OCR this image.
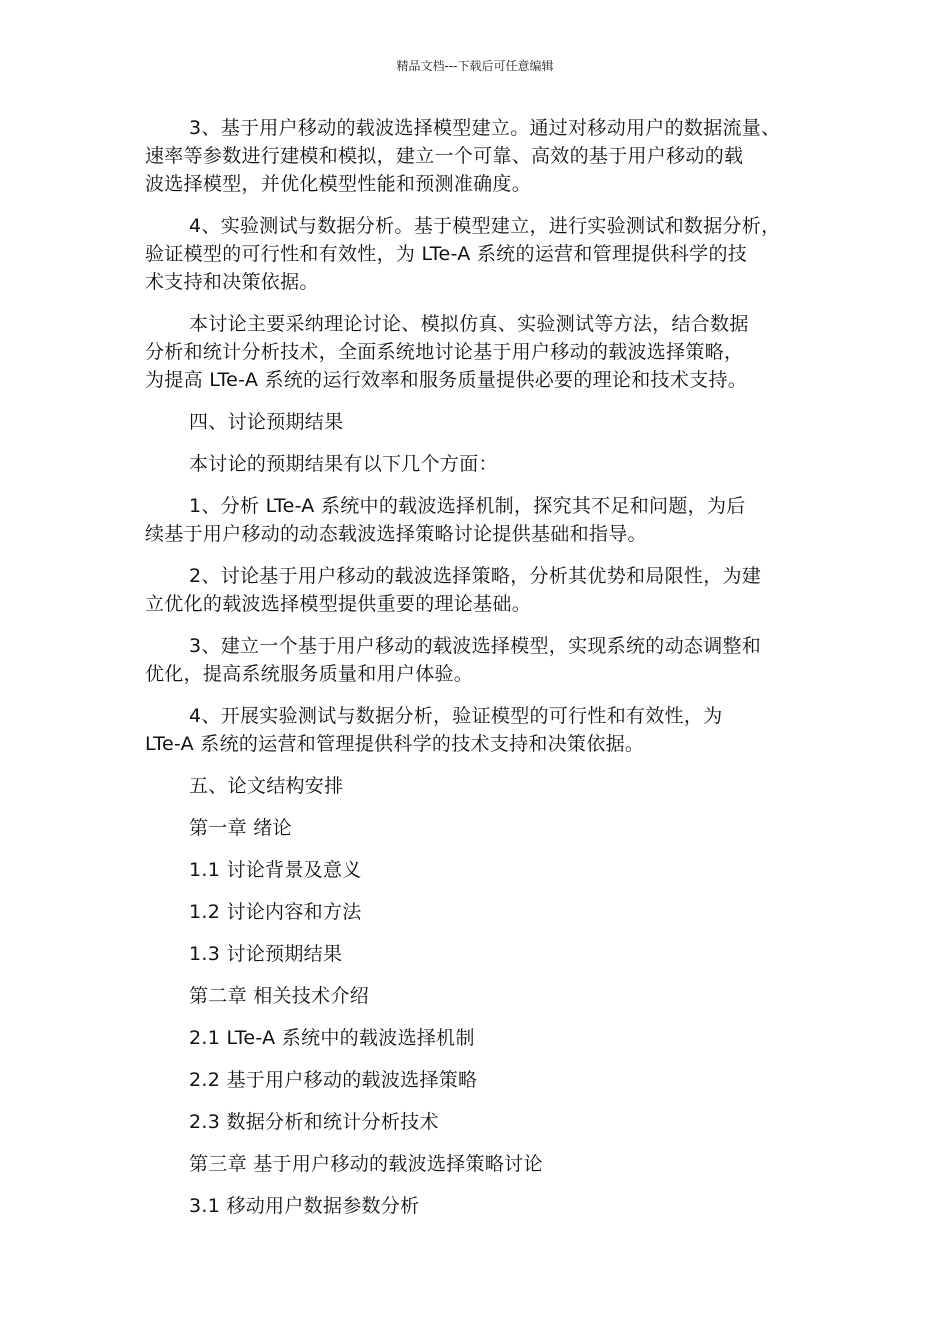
精品文档---下载后可任意编辑

3、基于用户移动的载波选择模型建立。通过对移动用户的数据流量、
速率等参数进行建模和模拟，建立一个可靠、高效的基于用户移动的载
波选择模型，并优化模型性能和预测准确度。

4、实验测试与数据分析。基于模型建立，进行实验测试和数据分析，
验证模型的可行性和有效性，为 LTe-A 系统的运营和管理提供科学的技
术支持和决策依据。

本讨论主要采纳理论讨论、模拟仿真、实验测试等方法，结合数据
分析和统计分析技术，全面系统地讨论基于用户移动的载波选择策略，
为提高 LTe-A 系统的运行效率和服务质量提供必要的理论和技术支持。

四、讨论预期结果

本讨论的预期结果有以下几个方面：

1、分析 LTe-A 系统中的载波选择机制，探究其不足和问题，为后
续基于用户移动的动态载波选择策略讨论提供基础和指导。

2、讨论基于用户移动的载波选择策略，分析其优势和局限性，为建
立优化的载波选择模型提供重要的理论基础。

3、建立一个基于用户移动的载波选择模型，实现系统的动态调整和
优化，提高系统服务质量和用户体验。

4、开展实验测试与数据分析，验证模型的可行性和有效性，为
LTe-A 系统的运营和管理提供科学的技术支持和决策依据。

五、论文结构安排
第一章 绪论
1.1 讨论背景及意义
1.2 讨论内容和方法
1.3 讨论预期结果
第二章 相关技术介绍
2.1 LTe-A 系统中的载波选择机制
2.2 基于用户移动的载波选择策略
2.3 数据分析和统计分析技术
第三章 基于用户移动的载波选择策略讨论
3.1 移动用户数据参数分析
